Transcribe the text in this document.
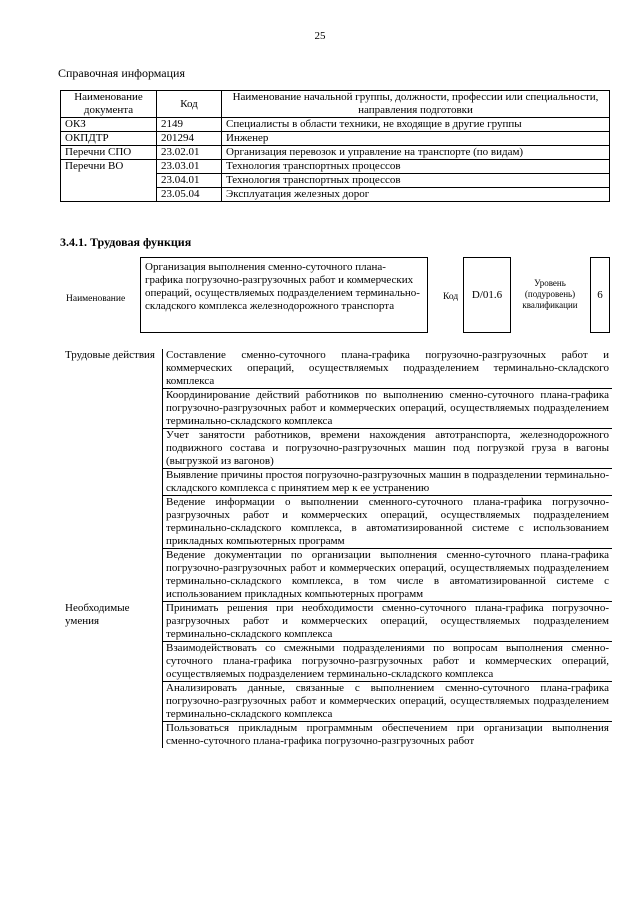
25
Справочная информация
Наименование документа	Код	Наименование начальной группы, должности, профессии или специальности, направления подготовки
ОКЗ	2149	Специалисты в области техники, не входящие в другие группы
ОКПДТР	201294	Инженер
Перечни СПО	23.02.01	Организация перевозок и управление на транспорте (по видам)
Перечни ВО	23.03.01	Технология транспортных процессов
	23.04.01	Технология транспортных процессов
	23.05.04	Эксплуатация железных дорог
3.4.1. Трудовая функция
Наименование
Организация выполнения сменно-суточного плана-графика погрузочно-разгрузочных работ и коммерческих операций, осуществляемых подразделением терминально-складского комплекса железнодорожного транспорта
Код	D/01.6
Уровень (подуровень) квалификации
6
Трудовые действия	Составление сменно-суточного плана-графика погрузочно-разгрузочных работ и коммерческих операций, осуществляемых подразделением терминально-складского комплекса
	Координирование действий работников по выполнению сменно-суточного плана-графика погрузочно-разгрузочных работ и коммерческих операций, осуществляемых подразделением терминально-складского комплекса
	Учет занятости работников, времени нахождения автотранспорта, железнодорожного подвижного состава и погрузочно-разгрузочных машин под погрузкой груза в вагоны (выгрузкой из вагонов)
	Выявление причины простоя погрузочно-разгрузочных машин в подразделении терминально-складского комплекса с принятием мер к ее устранению
	Ведение информации о выполнении сменного-суточного плана-графика погрузочно-разгрузочных работ и коммерческих операций, осуществляемых подразделением терминально-складского комплекса, в автоматизированной системе с использованием прикладных компьютерных программ
	Ведение документации по организации выполнения сменно-суточного плана-графика погрузочно-разгрузочных работ и коммерческих операций, осуществляемых подразделением терминально-складского комплекса, в том числе в автоматизированной системе с использованием прикладных компьютерных программ
Необходимые умения	Принимать решения при необходимости сменно-суточного плана-графика погрузочно-разгрузочных работ и коммерческих операций, осуществляемых подразделением терминально-складского комплекса
	Взаимодействовать со смежными подразделениями по вопросам выполнения сменно-суточного плана-графика погрузочно-разгрузочных работ и коммерческих операций, осуществляемых подразделением терминально-складского комплекса
	Анализировать данные, связанные с выполнением сменно-суточного плана-графика погрузочно-разгрузочных работ и коммерческих операций, осуществляемых подразделением терминально-складского комплекса
	Пользоваться прикладным программным обеспечением при организации выполнения сменно-суточного плана-графика погрузочно-разгрузочных работ
